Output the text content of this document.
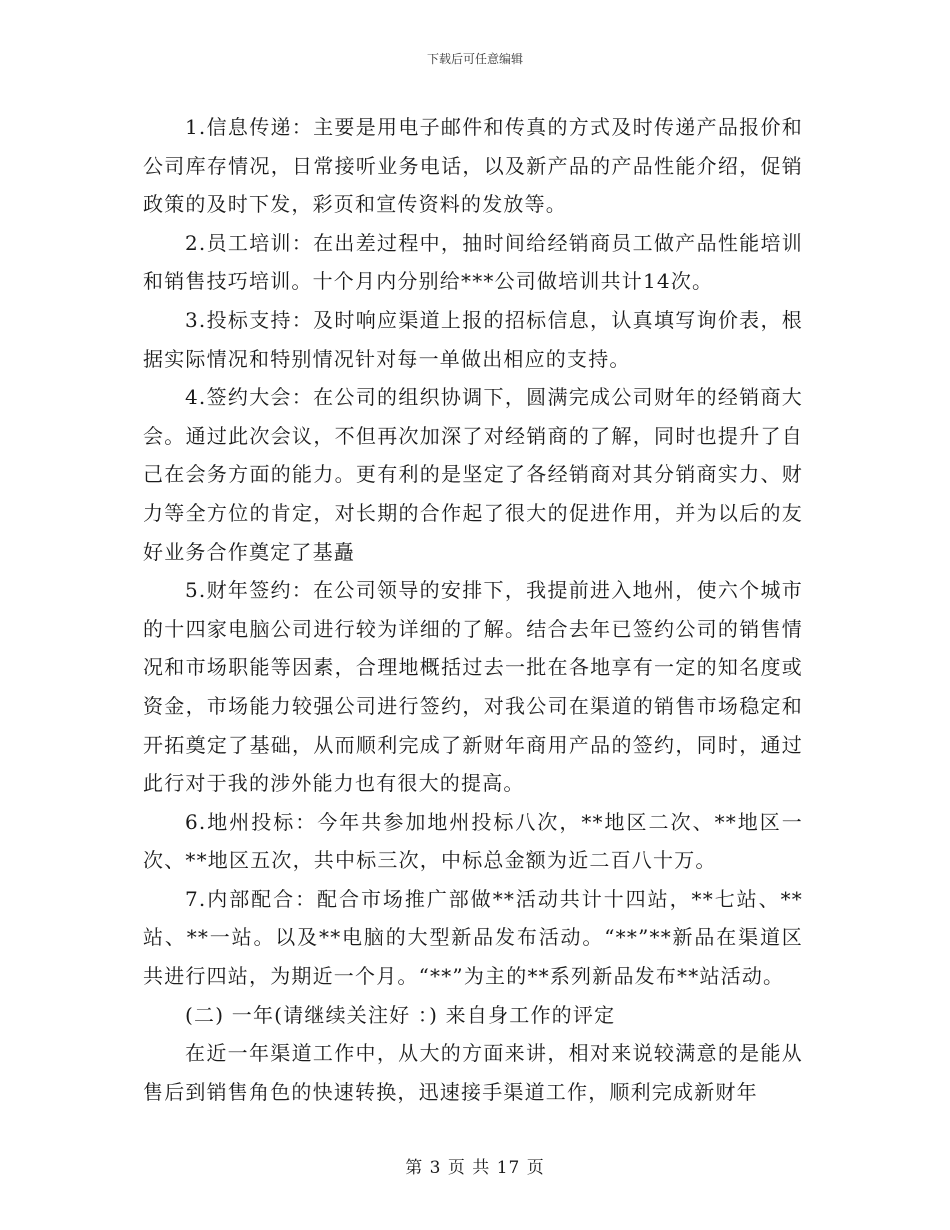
下载后可任意编辑

1.信息传递：主要是用电子邮件和传真的方式及时传递产品报价和公司库存情况，日常接听业务电话，以及新产品的产品性能介绍，促销政策的及时下发，彩页和宣传资料的发放等。

2.员工培训：在出差过程中，抽时间给经销商员工做产品性能培训和销售技巧培训。十个月内分别给***公司做培训共计14次。

3.投标支持：及时响应渠道上报的招标信息，认真填写询价表，根据实际情况和特别情况针对每一单做出相应的支持。

4.签约大会：在公司的组织协调下，圆满完成公司财年的经销商大会。通过此次会议，不但再次加深了对经销商的了解，同时也提升了自己在会务方面的能力。更有利的是坚定了各经销商对其分销商实力、财力等全方位的肯定，对长期的合作起了很大的促进作用，并为以后的友好业务合作奠定了基矗

5.财年签约：在公司领导的安排下，我提前进入地州，使六个城市的十四家电脑公司进行较为详细的了解。结合去年已签约公司的销售情况和市场职能等因素，合理地概括过去一批在各地享有一定的知名度或资金，市场能力较强公司进行签约，对我公司在渠道的销售市场稳定和开拓奠定了基础，从而顺利完成了新财年商用产品的签约，同时，通过此行对于我的涉外能力也有很大的提高。

6.地州投标：今年共参加地州投标八次，**地区二次、**地区一次、**地区五次，共中标三次，中标总金额为近二百八十万。

7.内部配合：配合市场推广部做**活动共计十四站，**七站、**站、**一站。以及**电脑的大型新品发布活动。“**”**新品在渠道区共进行四站，为期近一个月。“**”为主的**系列新品发布**站活动。

(二) 一年(请继续关注好 ：) 来自身工作的评定

在近一年渠道工作中，从大的方面来讲，相对来说较满意的是能从售后到销售角色的快速转换，迅速接手渠道工作，顺利完成新财年

第 3 页 共 17 页
